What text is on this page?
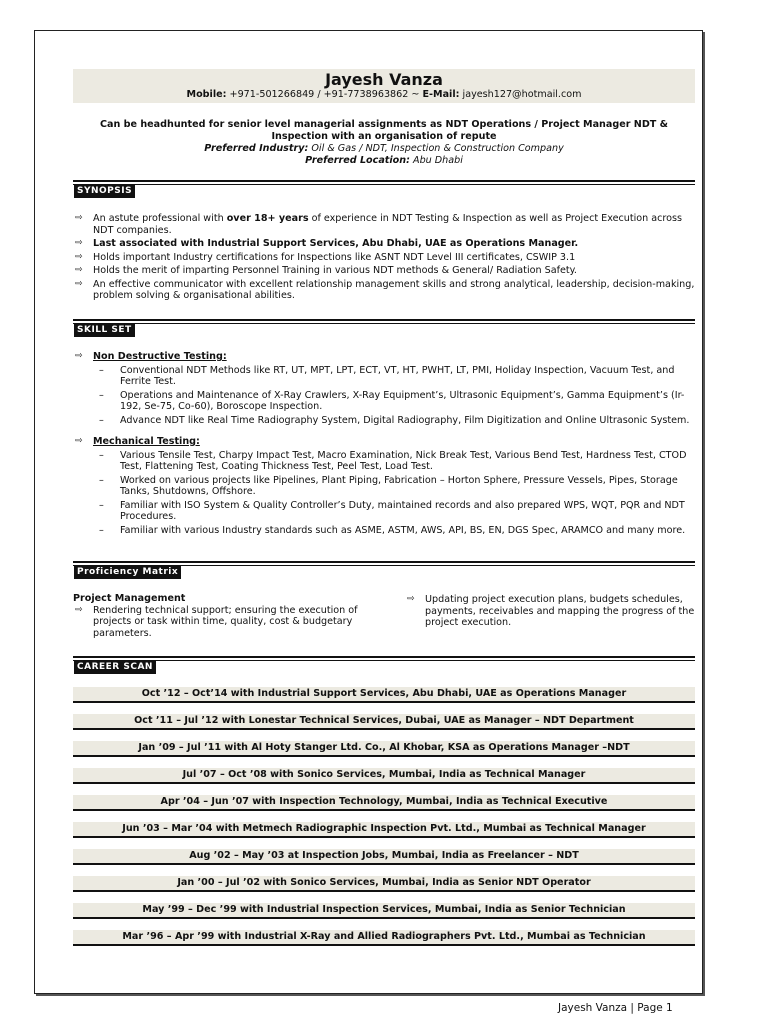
Jayesh Vanza
Mobile: +971-501266849 / +91-7738963862 ~ E-Mail: jayesh127@hotmail.com
Can be headhunted for senior level managerial assignments as NDT Operations / Project Manager NDT &
Inspection with an organisation of repute
Preferred Industry: Oil & Gas / NDT, Inspection & Construction Company
Preferred Location: Abu Dhabi
SYNOPSIS
⇨ An astute professional with over 18+ years of experience in NDT Testing & Inspection as well as Project Execution across NDT companies.
⇨ Last associated with Industrial Support Services, Abu Dhabi, UAE as Operations Manager.
⇨ Holds important Industry certifications for Inspections like ASNT NDT Level III certificates, CSWIP 3.1
⇨ Holds the merit of imparting Personnel Training in various NDT methods & General/ Radiation Safety.
⇨ An effective communicator with excellent relationship management skills and strong analytical, leadership, decision-making, problem solving & organisational abilities.
SKILL SET
⇨ Non Destructive Testing:
– Conventional NDT Methods like RT, UT, MPT, LPT, ECT, VT, HT, PWHT, LT, PMI, Holiday Inspection, Vacuum Test, and Ferrite Test.
– Operations and Maintenance of X-Ray Crawlers, X-Ray Equipment’s, Ultrasonic Equipment’s, Gamma Equipment’s (Ir-192, Se-75, Co-60), Boroscope Inspection.
– Advance NDT like Real Time Radiography System, Digital Radiography, Film Digitization and Online Ultrasonic System.
⇨ Mechanical Testing:
– Various Tensile Test, Charpy Impact Test, Macro Examination, Nick Break Test, Various Bend Test, Hardness Test, CTOD Test, Flattening Test, Coating Thickness Test, Peel Test, Load Test.
– Worked on various projects like Pipelines, Plant Piping, Fabrication – Horton Sphere, Pressure Vessels, Pipes, Storage Tanks, Shutdowns, Offshore.
– Familiar with ISO System & Quality Controller’s Duty, maintained records and also prepared WPS, WQT, PQR and NDT Procedures.
– Familiar with various Industry standards such as ASME, ASTM, AWS, API, BS, EN, DGS Spec, ARAMCO and many more.
Proficiency Matrix
Project Management
⇨ Rendering technical support; ensuring the execution of projects or task within time, quality, cost & budgetary parameters.
⇨ Updating project execution plans, budgets schedules, payments, receivables and mapping the progress of the project execution.
CAREER SCAN
Oct ’12 – Oct’14 with Industrial Support Services, Abu Dhabi, UAE as Operations Manager
Oct ’11 – Jul ’12 with Lonestar Technical Services, Dubai, UAE as Manager – NDT Department
Jan ’09 – Jul ’11 with Al Hoty Stanger Ltd. Co., Al Khobar, KSA as Operations Manager –NDT
Jul ’07 – Oct ’08 with Sonico Services, Mumbai, India as Technical Manager
Apr ’04 – Jun ’07 with Inspection Technology, Mumbai, India as Technical Executive
Jun ’03 – Mar ’04 with Metmech Radiographic Inspection Pvt. Ltd., Mumbai as Technical Manager
Aug ’02 – May ’03 at Inspection Jobs, Mumbai, India as Freelancer – NDT
Jan ’00 – Jul ’02 with Sonico Services, Mumbai, India as Senior NDT Operator
May ’99 – Dec ’99 with Industrial Inspection Services, Mumbai, India as Senior Technician
Mar ’96 – Apr ’99 with Industrial X-Ray and Allied Radiographers Pvt. Ltd., Mumbai as Technician
Jayesh Vanza | Page 1
